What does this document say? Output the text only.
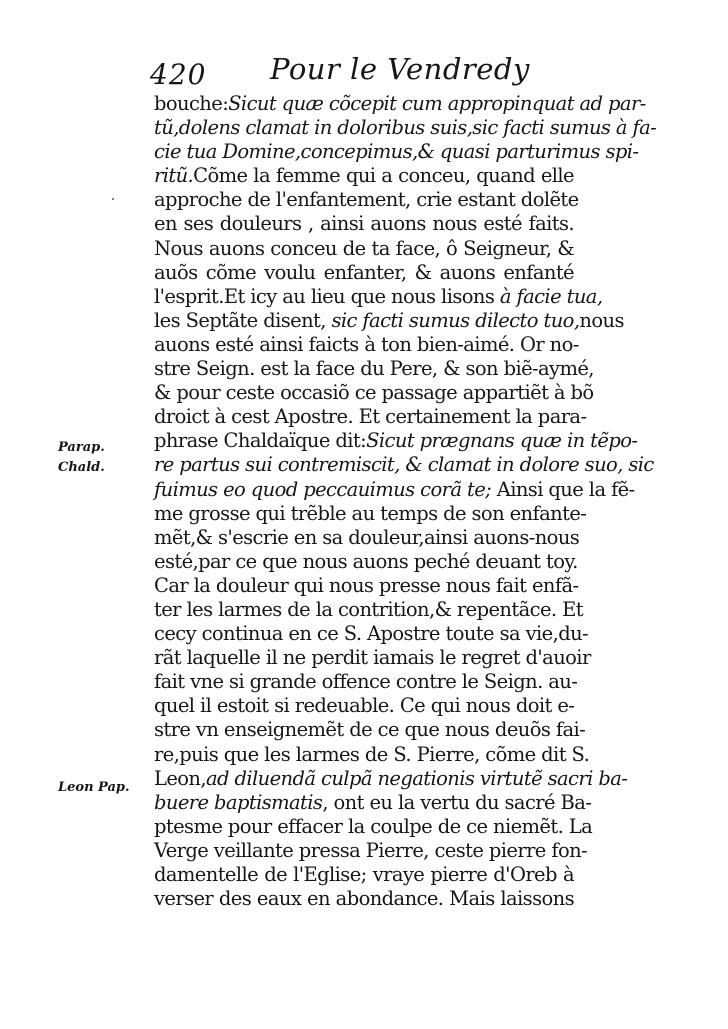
420 Pour le Vendredy
Parap.
Chald.
Leon Pap.
bouche:Sicut quæ cõcepit cum appropinquat ad par-
tũ,dolens clamat in doloribus suis,sic facti sumus à fa-
cie tua Domine,concepimus,& quasi parturimus spi-
ritũ.Cõme la femme qui a conceu, quand elle
approche de l'enfantement, crie estant dolẽte
en ses douleurs , ainsi auons nous esté faits.
Nous auons conceu de ta face, ô Seigneur, &
auõs cõme voulu enfanter, & auons enfanté
l'esprit.Et icy au lieu que nous lisons à facie tua,
les Septãte disent, sic facti sumus dilecto tuo,nous
auons esté ainsi faicts à ton bien-aimé. Or no-
stre Seign. est la face du Pere, & son biẽ-aymé,
& pour ceste occasiõ ce passage appartiẽt à bõ
droict à cest Apostre. Et certainement la para-
phrase Chaldaïque dit:Sicut prægnans quæ in tẽpo-
re partus sui contremiscit, & clamat in dolore suo, sic
fuimus eo quod peccauimus corã te; Ainsi que la fẽ-
me grosse qui trẽble au temps de son enfante-
mẽt,& s'escrie en sa douleur,ainsi auons-nous
esté,par ce que nous auons peché deuant toy.
Car la douleur qui nous presse nous fait enfã-
ter les larmes de la contrition,& repentãce. Et
cecy continua en ce S. Apostre toute sa vie,du-
rãt laquelle il ne perdit iamais le regret d'auoir
fait vne si grande offence contre le Seign. au-
quel il estoit si redeuable. Ce qui nous doit e-
stre vn enseignemẽt de ce que nous deuõs fai-
re,puis que les larmes de S. Pierre, cõme dit S.
Leon,ad diluendã culpã negationis virtutẽ sacri ba-
buere baptismatis, ont eu la vertu du sacré Ba-
ptesme pour effacer la coulpe de ce niemẽt. La
Verge veillante pressa Pierre, ceste pierre fon-
damentelle de l'Eglise; vraye pierre d'Oreb à
verser des eaux en abondance. Mais laissons
